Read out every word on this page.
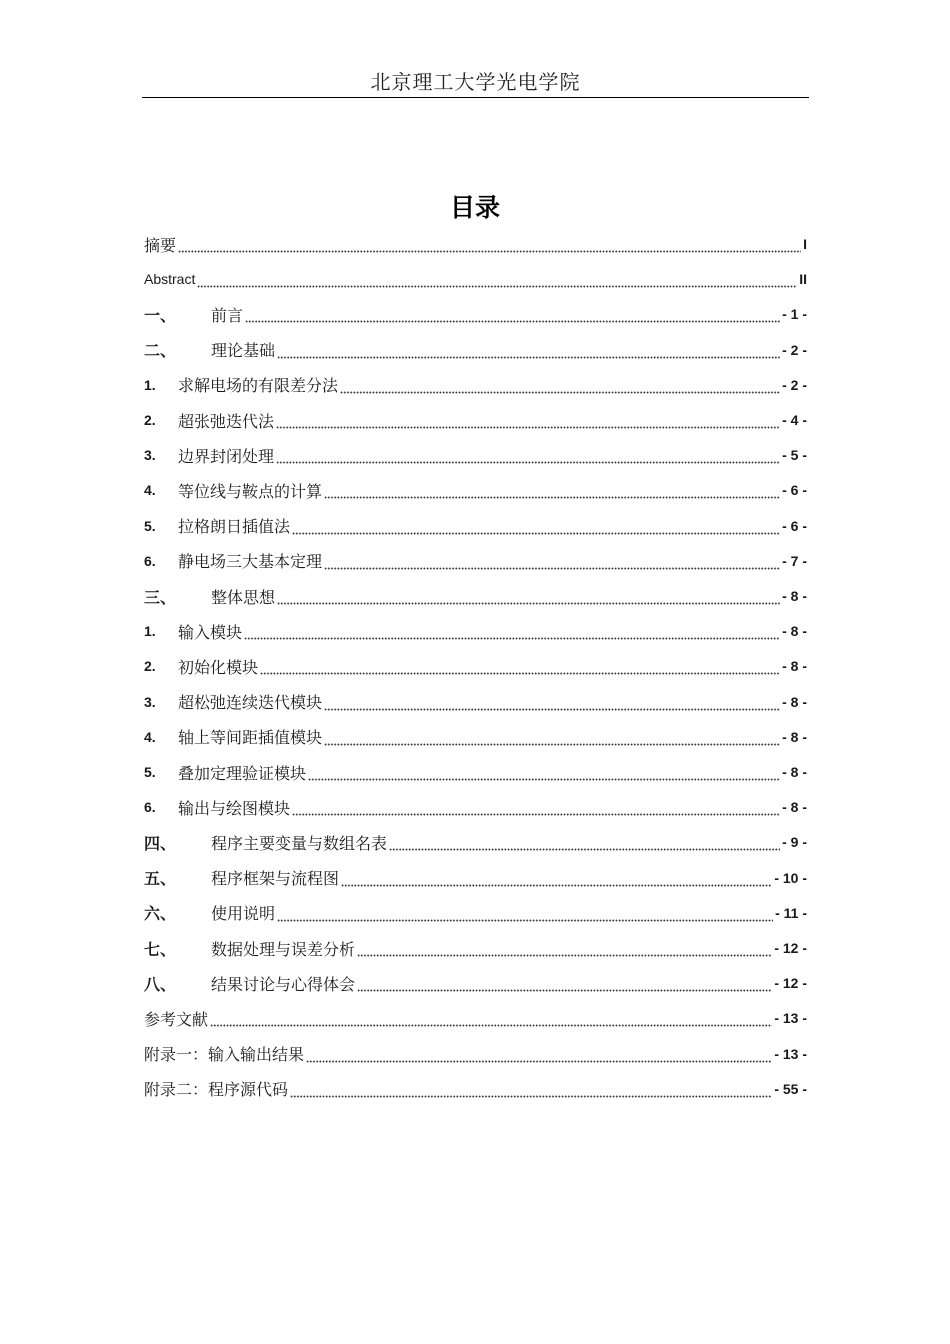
北京理工大学光电学院
目录
摘要	I
Abstract	II
一、	前言	- 1 -
二、	理论基础	- 2 -
1.	求解电场的有限差分法	- 2 -
2.	超张弛迭代法	- 4 -
3.	边界封闭处理	- 5 -
4.	等位线与鞍点的计算	- 6 -
5.	拉格朗日插值法	- 6 -
6.	静电场三大基本定理	- 7 -
三、	整体思想	- 8 -
1.	输入模块	- 8 -
2.	初始化模块	- 8 -
3.	超松弛连续迭代模块	- 8 -
4.	轴上等间距插值模块	- 8 -
5.	叠加定理验证模块	- 8 -
6.	输出与绘图模块	- 8 -
四、	程序主要变量与数组名表	- 9 -
五、	程序框架与流程图	- 10 -
六、	使用说明	- 11 -
七、	数据处理与误差分析	- 12 -
八、	结果讨论与心得体会	- 12 -
参考文献	- 13 -
附录一：输入输出结果	- 13 -
附录二：程序源代码	- 55 -
